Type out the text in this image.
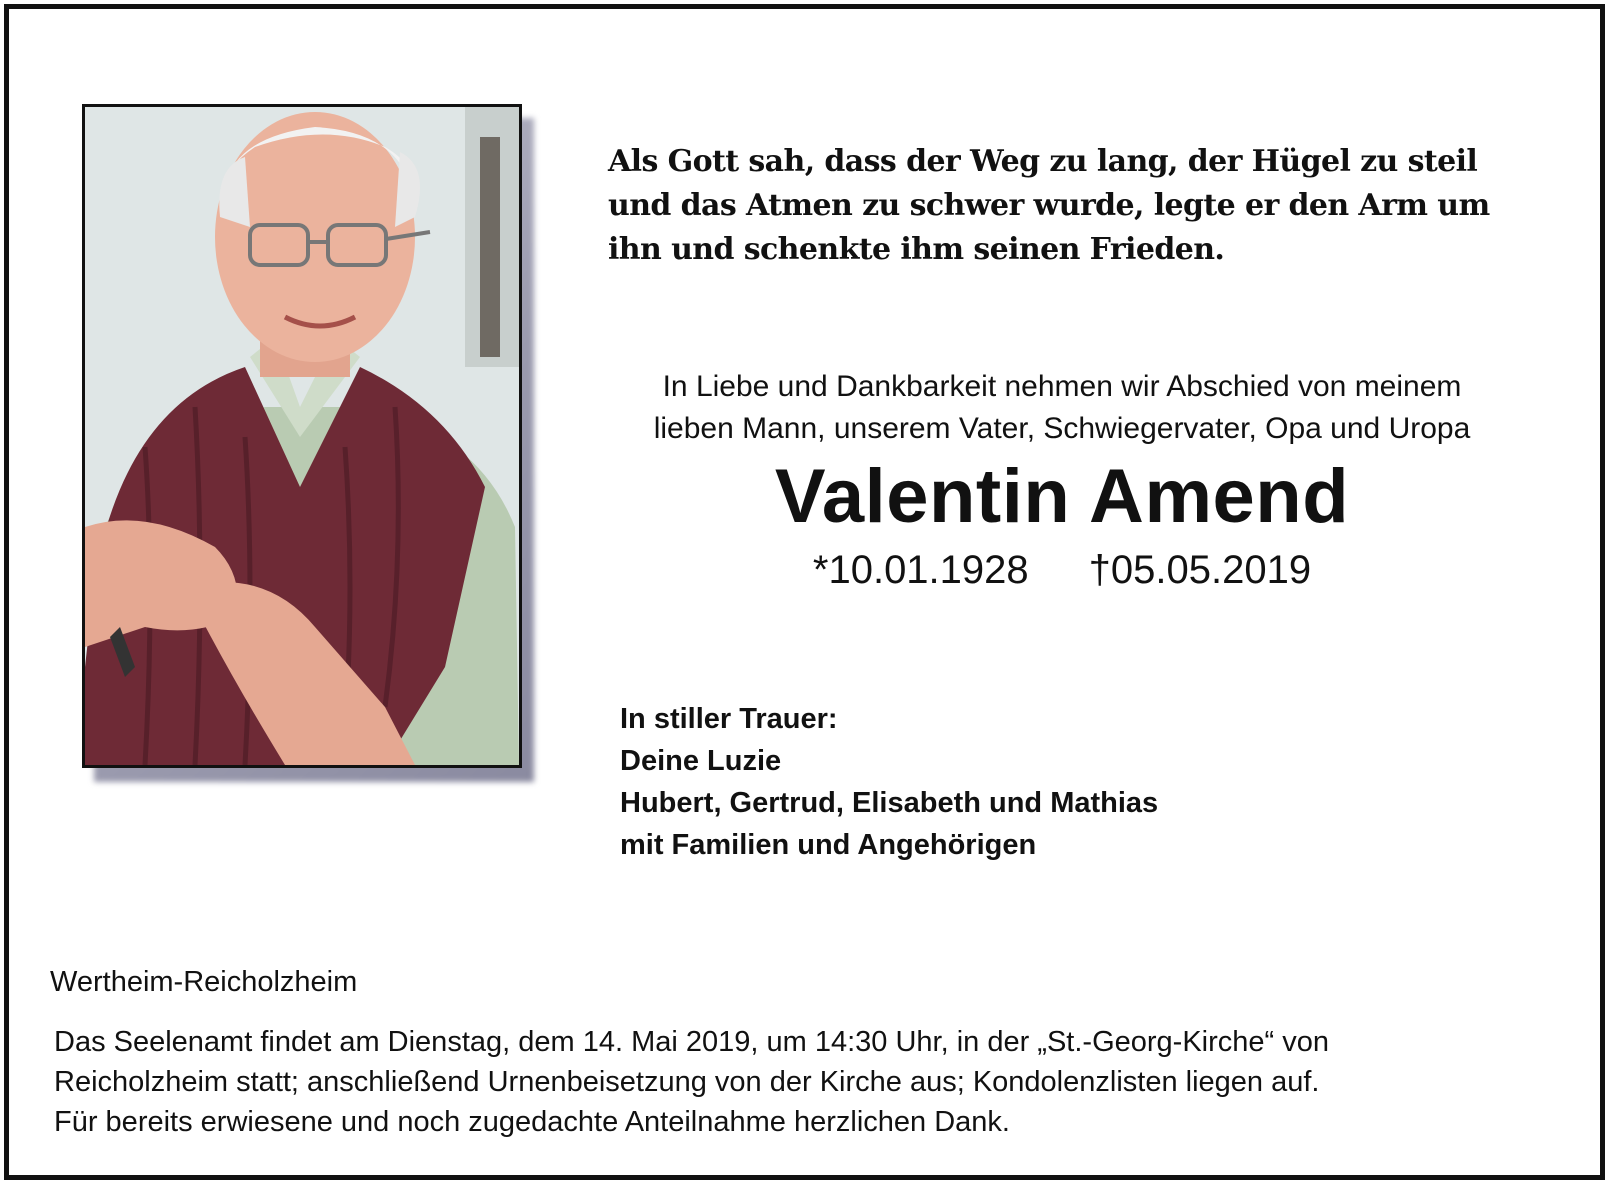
Als Gott sah, dass der Weg zu lang, der Hügel zu steil
und das Atmen zu schwer wurde, legte er den Arm um
ihn und schenkte ihm seinen Frieden.
In Liebe und Dankbarkeit nehmen wir Abschied von meinem
lieben Mann, unserem Vater, Schwiegervater, Opa und Uropa
Valentin Amend
*10.01.1928 †05.05.2019
In stiller Trauer:
Deine Luzie
Hubert, Gertrud, Elisabeth und Mathias
mit Familien und Angehörigen
Wertheim-Reicholzheim
Das Seelenamt findet am Dienstag, dem 14. Mai 2019, um 14:30 Uhr, in der „St.-Georg-Kirche“ von
Reicholzheim statt; anschließend Urnenbeisetzung von der Kirche aus; Kondolenzlisten liegen auf.
Für bereits erwiesene und noch zugedachte Anteilnahme herzlichen Dank.
